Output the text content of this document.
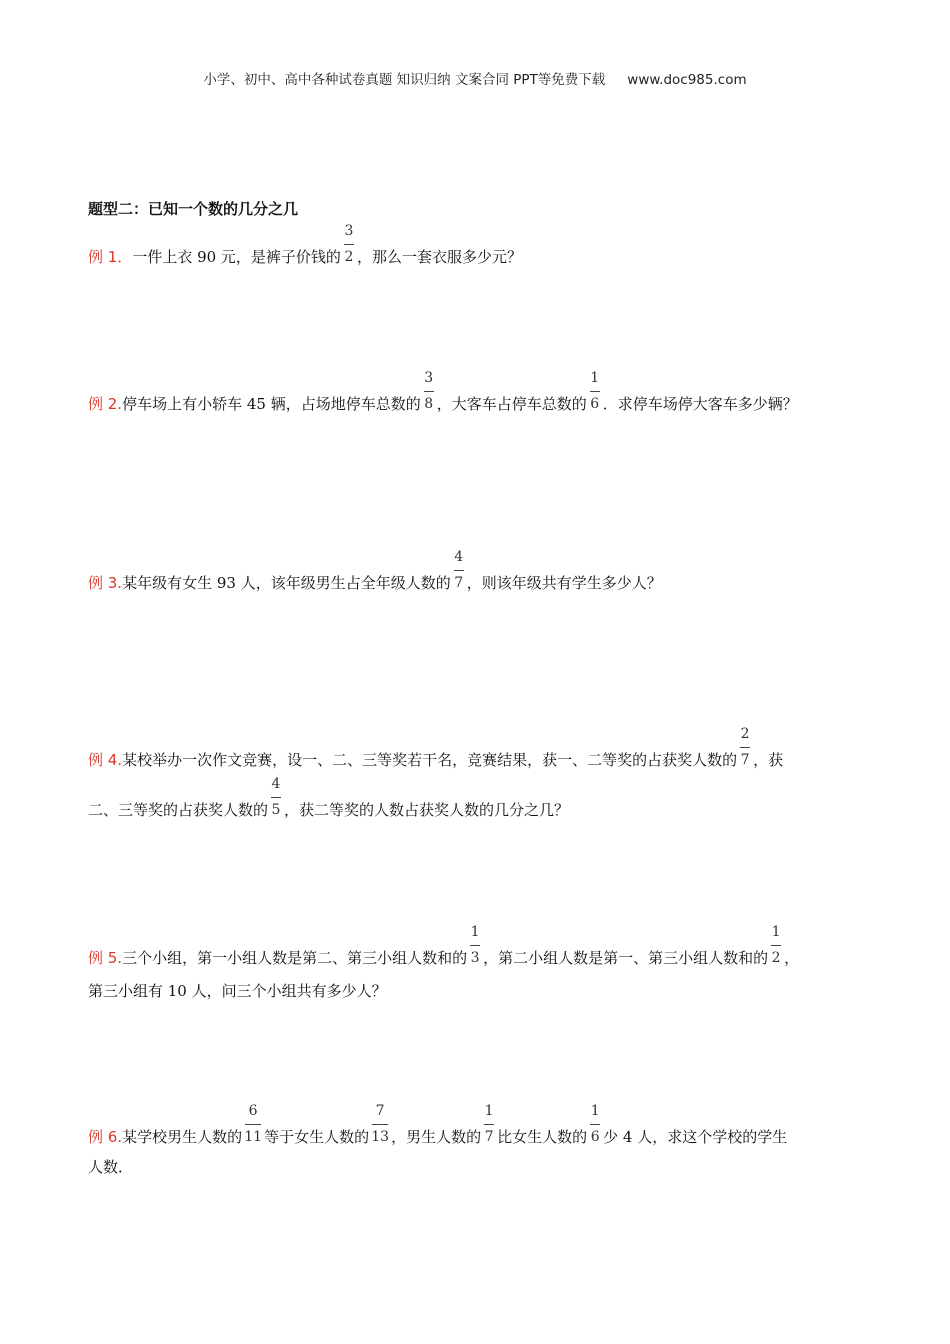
小学、初中、高中各种试卷真题 知识归纳 文案合同 PPT等免费下载 www.doc985.com
题型二：已知一个数的几分之几
例 1．一件上衣 90 元，是裤子价钱的 $\frac{3}{2}$ ，那么一套衣服多少元？
例 2.停车场上有小轿车 45 辆，占场地停车总数的 $\frac{3}{8}$ ，大客车占停车总数的 $\frac{1}{6}$ ．求停车场停大客车多少辆？
例 3.某年级有女生 93 人，该年级男生占全年级人数的 $\frac{4}{7}$ ，则该年级共有学生多少人？
例 4.某校举办一次作文竞赛，设一、二、三等奖若干名，竞赛结果，获一、二等奖的占获奖人数的 $\frac{2}{7}$ ，获
二、三等奖的占获奖人数的 $\frac{4}{5}$ ，获二等奖的人数占获奖人数的几分之几？
例 5.三个小组，第一小组人数是第二、第三小组人数和的 $\frac{1}{3}$ ，第二小组人数是第一、第三小组人数和的 $\frac{1}{2}$ ，
第三小组有 10 人，问三个小组共有多少人？
例 6.某学校男生人数的 $\frac{6}{11}$ 等于女生人数的 $\frac{7}{13}$ ，男生人数的 $\frac{1}{7}$ 比女生人数的 $\frac{1}{6}$ 少 4 人，求这个学校的学生
人数．
